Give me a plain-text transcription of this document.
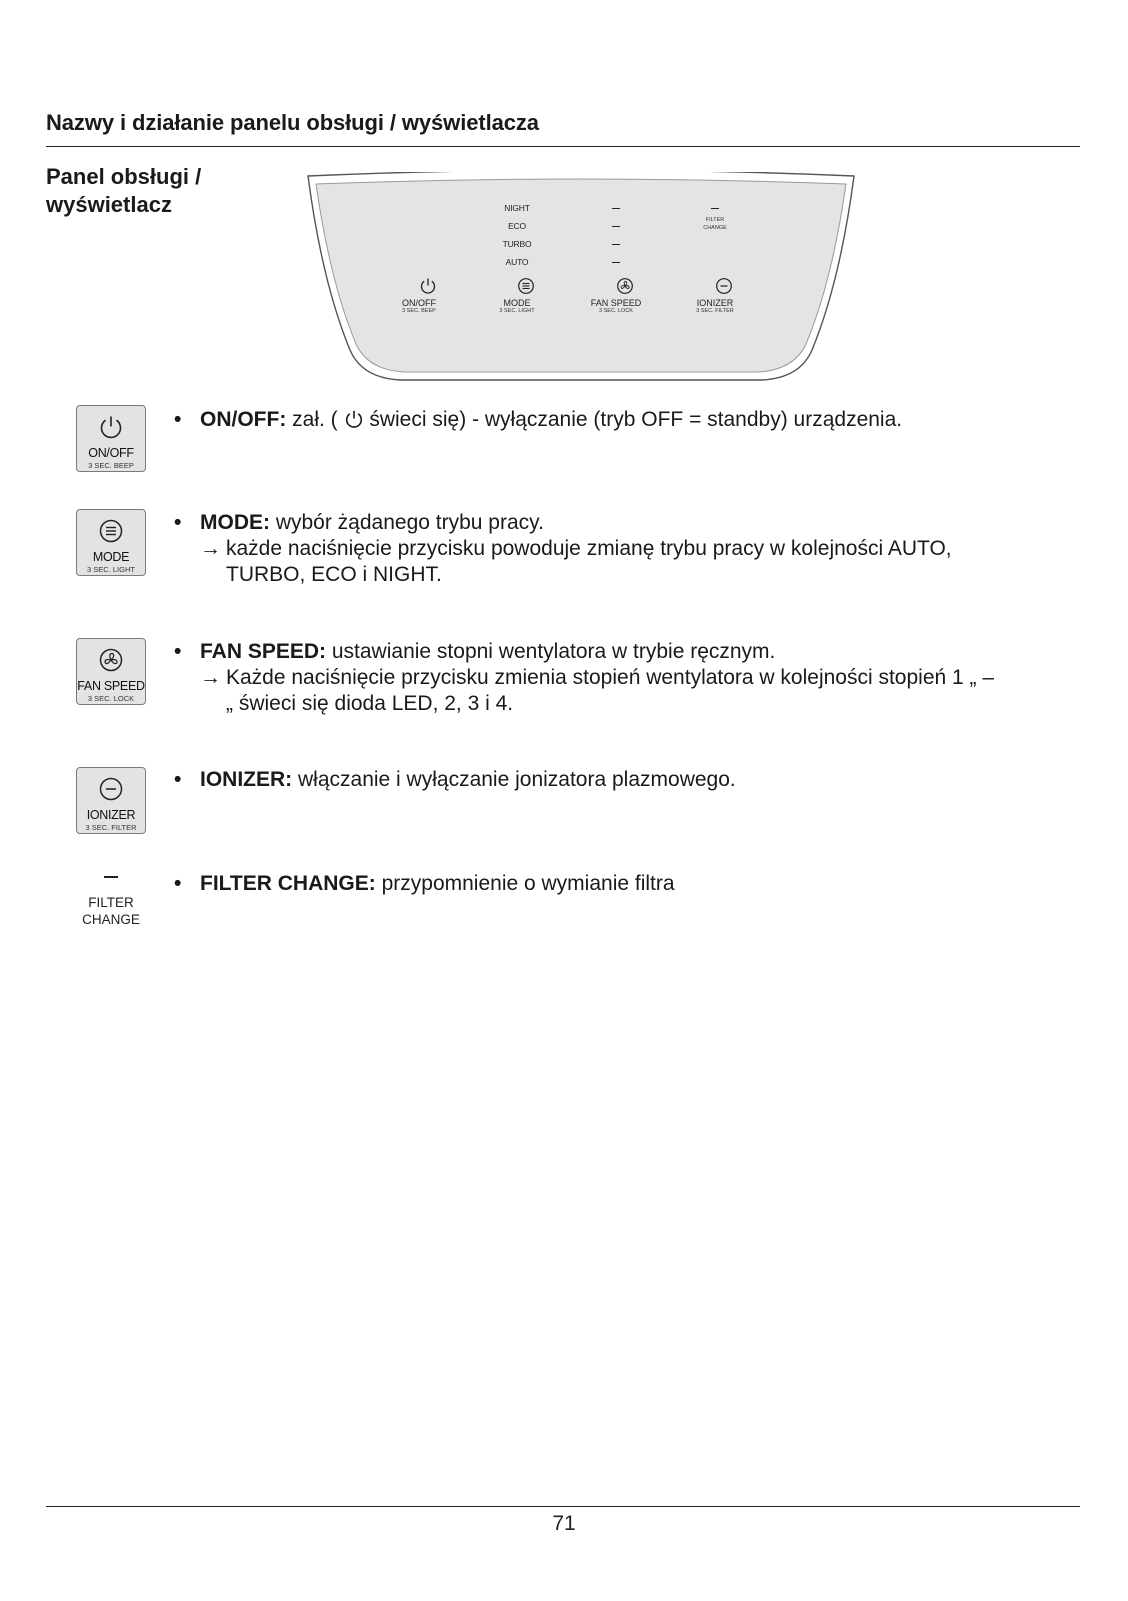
Nazwy i działanie panelu obsługi / wyświetlacza
Panel obsługi /
wyświetlacz	NIGHT
ECO
TURBO
AUTO
FILTER
CHANGE
ON/OFF
3 SEC. BEEP
MODE
3 SEC. LIGHT
FAN SPEED
3 SEC. LOCK
IONIZER
3 SEC. FILTER
ON/OFF
3 SEC. BEEP
• ON/OFF: zał. (  świeci się) - wyłączanie (tryb OFF = standby) urządzenia.
MODE
3 SEC. LIGHT
• MODE: wybór żądanego trybu pracy.
→ każde naciśnięcie przycisku powoduje zmianę trybu pracy w kolejności AUTO,
TURBO, ECO i NIGHT.
FAN SPEED
3 SEC. LOCK
• FAN SPEED: ustawianie stopni wentylatora w trybie ręcznym.
→ Każde naciśnięcie przycisku zmienia stopień wentylatora w kolejności stopień 1 „ –
„ świeci się dioda LED, 2, 3 i 4.
IONIZER
3 SEC. FILTER
• IONIZER: włączanie i wyłączanie jonizatora plazmowego.
FILTER
CHANGE
• FILTER CHANGE: przypomnienie o wymianie filtra
71
